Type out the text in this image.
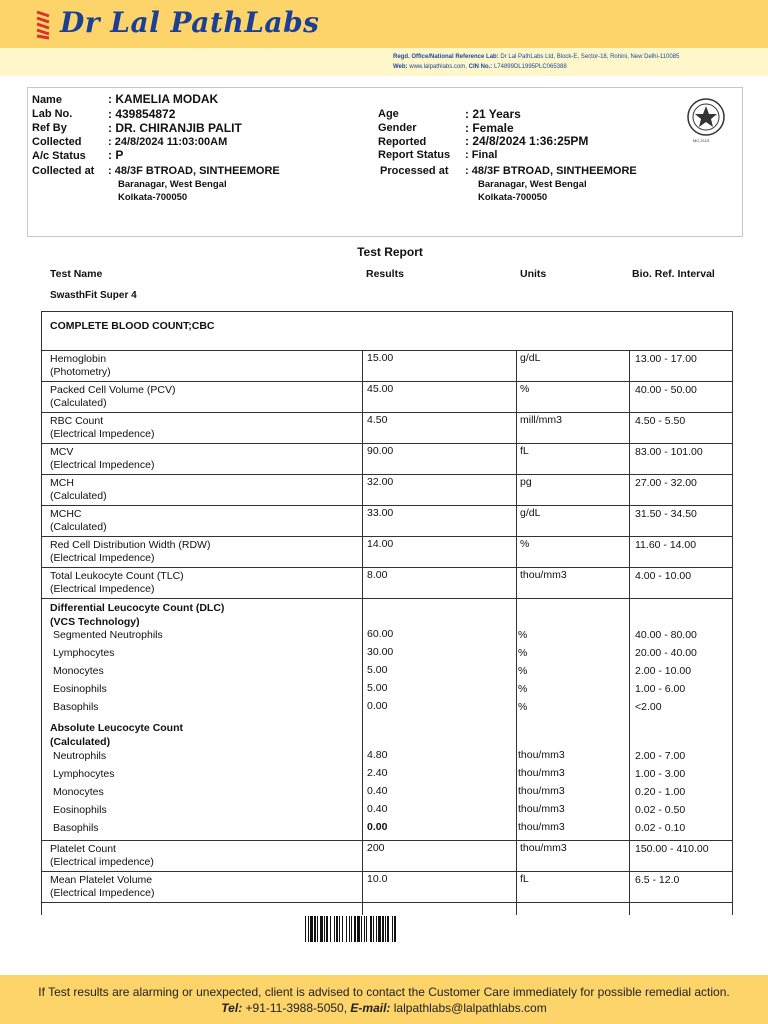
Dr Lal PathLabs
Regd. Office/National Reference Lab: Dr Lal PathLabs Ltd, Block-E, Sector-18, Rohini, New Delhi-110085
Web: www.lalpathlabs.com, CIN No.: L74899DL1995PLC065388
Name	: KAMELIA MODAK
Lab No.	: 439854872
Ref By	: DR. CHIRANJIB PALIT
Collected : 24/8/2024 11:03:00AM
A/c Status : P
Collected at : 48/3F BTROAD, SINTHEEMORE
Baranagar, West Bengal
Kolkata-700050
Age	: 21 Years
Gender	: Female
Reported	: 24/8/2024 1:36:25PM
Report Status : Final
Processed at : 48/3F BTROAD, SINTHEEMORE
Baranagar, West Bengal
Kolkata-700050
MC-2113
Test Report
Test Name	Results	Units	Bio. Ref. Interval
SwasthFit Super 4
COMPLETE BLOOD COUNT;CBC
Hemoglobin
(Photometry)
15.00	g/dL	13.00 - 17.00
Packed Cell Volume (PCV)
(Calculated)
45.00	%	40.00 - 50.00
RBC Count
(Electrical Impedence)
4.50	mill/mm3	4.50 - 5.50
MCV
(Electrical Impedence)
90.00	fL	83.00 - 101.00
MCH
(Calculated)
32.00	pg	27.00 - 32.00
MCHC
(Calculated)
33.00	g/dL	31.50 - 34.50
Red Cell Distribution Width (RDW)
(Electrical Impedence)
14.00	%	11.60 - 14.00
Total Leukocyte Count (TLC)
(Electrical Impedence)
8.00	thou/mm3	4.00 - 10.00
Differential Leucocyte Count (DLC)
(VCS Technology)
Segmented Neutrophils	60.00	%	40.00 - 80.00
Lymphocytes	30.00	%	20.00 - 40.00
Monocytes	5.00	%	2.00 - 10.00
Eosinophils	5.00	%	1.00 - 6.00
Basophils	0.00	%	<2.00
Absolute Leucocyte Count
(Calculated)
Neutrophils	4.80	thou/mm3	2.00 - 7.00
Lymphocytes	2.40	thou/mm3	1.00 - 3.00
Monocytes	0.40	thou/mm3	0.20 - 1.00
Eosinophils	0.40	thou/mm3	0.02 - 0.50
Basophils	0.00	thou/mm3	0.02 - 0.10
Platelet Count
(Electrical impedence)
200	thou/mm3	150.00 - 410.00
Mean Platelet Volume
(Electrical Impedence)
10.0	fL	6.5 - 12.0
If Test results are alarming or unexpected, client is advised to contact the Customer Care immediately for possible remedial action.
Tel: +91-11-3988-5050, E-mail: lalpathlabs@lalpathlabs.com
